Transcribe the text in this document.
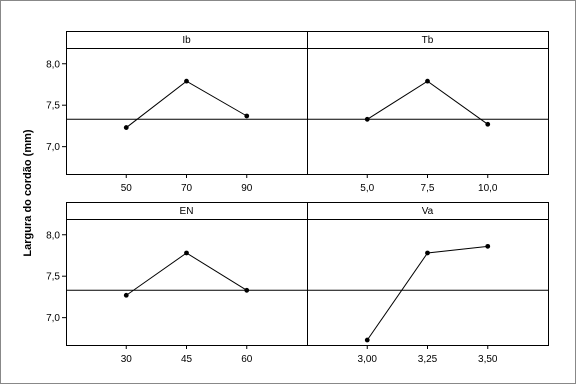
Largura do cordão (mm)
Ib
50	70	90
7,0
7,5
8,0
Tb
5,0	7,5	10,0
EN
30	45	60
7,0
7,5
8,0
Va
3,00	3,25	3,50
